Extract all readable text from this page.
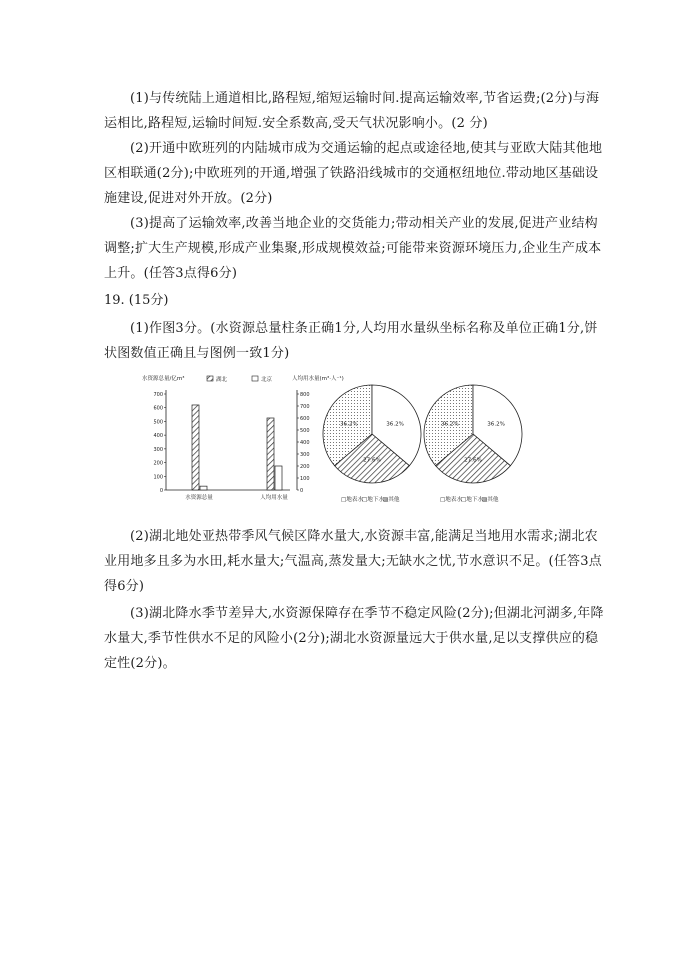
(1)与传统陆上通道相比,路程短,缩短运输时间.提高运输效率,节省运费;(2分)与海运相比,路程短,运输时间短.安全系数高,受天气状况影响小。(2 分)
(2)开通中欧班列的内陆城市成为交通运输的起点或途径地,使其与亚欧大陆其他地区相联通(2分);中欧班列的开通,增强了铁路沿线城市的交通枢纽地位.带动地区基础设施建设,促进对外开放。(2分)
(3)提高了运输效率,改善当地企业的交货能力;带动相关产业的发展,促进产业结构调整;扩大生产规模,形成产业集聚,形成规模效益;可能带来资源环境压力,企业生产成本上升。(任答3点得6分)
19. (15分)
(1)作图3分。(水资源总量柱条正确1分,人均用水量纵坐标名称及单位正确1分,饼状图数值正确且与图例一致1分)
水资源总量/亿m³	人均用水量(m³·人⁻¹)
湖北	北京
0
100
200
300
400
500
600
700
0
100
200
300
400
500
600
700
800
水资源总量	人均用水量
36.2%	36.2%
27.6%
36.2%	36.2%
27.6%
□地表水
□地下水
▨其他	□地表水
□地下水
▨其他
(2)湖北地处亚热带季风气候区降水量大,水资源丰富,能满足当地用水需求;湖北农业用地多且多为水田,耗水量大;气温高,蒸发量大;无缺水之忧,节水意识不足。(任答3点得6分)
(3)湖北降水季节差异大,水资源保障存在季节不稳定风险(2分);但湖北河湖多,年降水量大,季节性供水不足的风险小(2分);湖北水资源量远大于供水量,足以支撑供应的稳定性(2分)。
